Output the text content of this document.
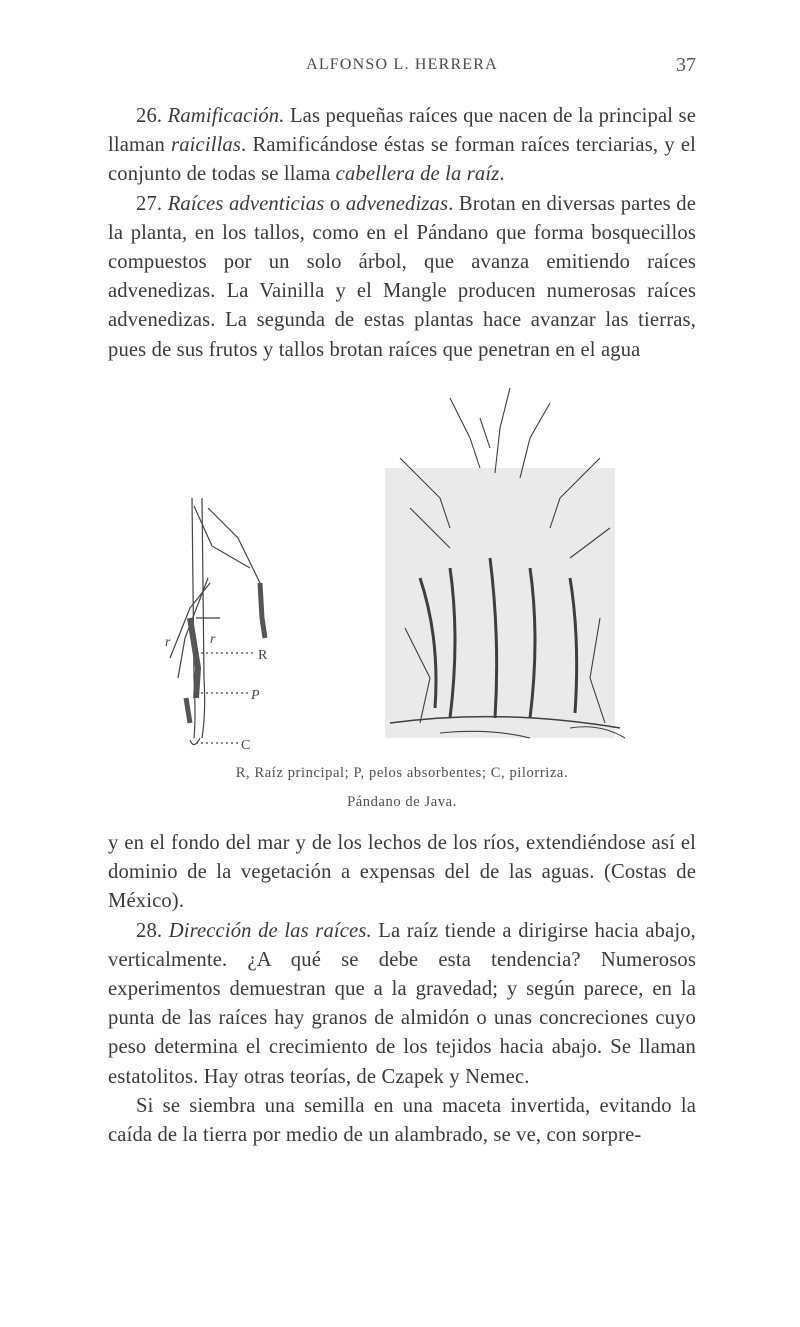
ALFONSO L. HERRERA	37

26. Ramificación. Las pequeñas raíces que nacen de la principal se llaman raicillas. Ramificándose éstas se forman raíces terciarias, y el conjunto de todas se llama cabellera de la raíz.

27. Raíces adventicias o advenedizas. Brotan en diversas partes de la planta, en los tallos, como en el Pándano que forma bosquecillos compuestos por un solo árbol, que avanza emitiendo raíces advenedizas. La Vainilla y el Mangle producen numerosas raíces advenedizas. La segunda de estas plantas hace avanzar las tierras, pues de sus frutos y tallos brotan raíces que penetran en el agua

r	r
R
P
C
R, Raíz principal; P, pelos absorbentes; C, pilorriza.
Pándano de Java.

y en el fondo del mar y de los lechos de los ríos, extendiéndose así el dominio de la vegetación a expensas del de las aguas. (Costas de México).

28. Dirección de las raíces. La raíz tiende a dirigirse hacia abajo, verticalmente. ¿A qué se debe esta tendencia? Numerosos experimentos demuestran que a la gravedad; y según parece, en la punta de las raíces hay granos de almidón o unas concreciones cuyo peso determina el crecimiento de los tejidos hacia abajo. Se llaman estatolitos. Hay otras teorías, de Czapek y Nemec.

Si se siembra una semilla en una maceta invertida, evitando la caída de la tierra por medio de un alambrado, se ve, con sorpre-
